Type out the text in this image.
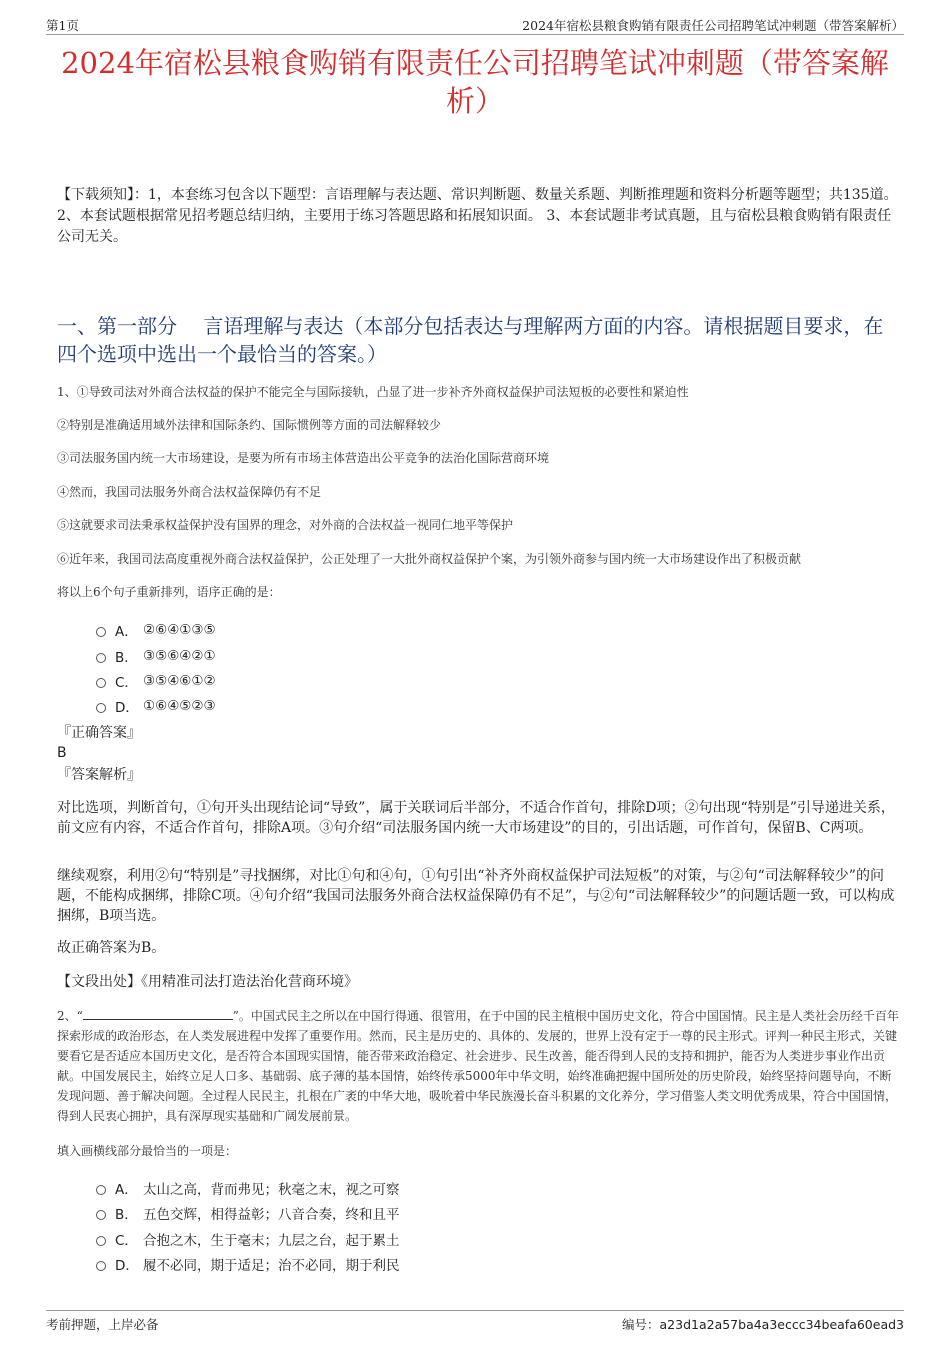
第1页	2024年宿松县粮食购销有限责任公司招聘笔试冲刺题（带答案解析）
2024年宿松县粮食购销有限责任公司招聘笔试冲刺题（带答案解析）
【下载须知】：1，本套练习包含以下题型：言语理解与表达题、常识判断题、数量关系题、判断推理题和资料分析题等题型；共135道。 2、本套试题根据常见招考题总结归纳，主要用于练习答题思路和拓展知识面。 3、本套试题非考试真题，且与宿松县粮食购销有限责任公司无关。
一、第一部分　 言语理解与表达（本部分包括表达与理解两方面的内容。请根据题目要求，在四个选项中选出一个最恰当的答案。）
1、①导致司法对外商合法权益的保护不能完全与国际接轨，凸显了进一步补齐外商权益保护司法短板的必要性和紧迫性
②特别是准确适用域外法律和国际条约、国际惯例等方面的司法解释较少
③司法服务国内统一大市场建设，是要为所有市场主体营造出公平竞争的法治化国际营商环境
④然而，我国司法服务外商合法权益保障仍有不足
⑤这就要求司法秉承权益保护没有国界的理念，对外商的合法权益一视同仁地平等保护
⑥近年来，我国司法高度重视外商合法权益保护，公正处理了一大批外商权益保护个案，为引领外商参与国内统一大市场建设作出了积极贡献
将以上6个句子重新排列，语序正确的是：
A． ②⑥④①③⑤
B． ③⑤⑥④②①
C． ③⑤④⑥①②
D． ①⑥④⑤②③
『正确答案』
B
『答案解析』
对比选项，判断首句，①句开头出现结论词“导致”，属于关联词后半部分，不适合作首句，排除D项；②句出现“特别是”引导递进关系，前文应有内容，不适合作首句，排除A项。③句介绍“司法服务国内统一大市场建设”的目的，引出话题，可作首句，保留B、C两项。
继续观察，利用②句“特别是”寻找捆绑，对比①句和④句，①句引出“补齐外商权益保护司法短板”的对策，与②句“司法解释较少”的问题，不能构成捆绑，排除C项。④句介绍“我国司法服务外商合法权益保障仍有不足”，与②句“司法解释较少”的问题话题一致，可以构成捆绑，B项当选。
故正确答案为B。
【文段出处】《用精准司法打造法治化营商环境》
2、“	”。中国式民主之所以在中国行得通、很管用，在于中国的民主植根中国历史文化，符合中国国情。民主是人类社会历经千百年探索形成的政治形态，在人类发展进程中发挥了重要作用。然而，民主是历史的、具体的、发展的，世界上没有定于一尊的民主形式。评判一种民主形式，关键要看它是否适应本国历史文化，是否符合本国现实国情，能否带来政治稳定、社会进步、民生改善，能否得到人民的支持和拥护，能否为人类进步事业作出贡献。中国发展民主，始终立足人口多、基础弱、底子薄的基本国情，始终传承5000年中华文明，始终准确把握中国所处的历史阶段，始终坚持问题导向，不断发现问题、善于解决问题。全过程人民民主，扎根在广袤的中华大地，吸吮着中华民族漫长奋斗积累的文化养分，学习借鉴人类文明优秀成果，符合中国国情，得到人民衷心拥护，具有深厚现实基础和广阔发展前景。
填入画横线部分最恰当的一项是：
A． 太山之高，背而弗见；秋毫之末，视之可察
B． 五色交辉，相得益彰；八音合奏，终和且平
C． 合抱之木，生于毫末；九层之台，起于累土
D． 履不必同，期于适足；治不必同，期于利民
考前押题，上岸必备	编号：a23d1a2a57ba4a3eccc34beafa60ead3
